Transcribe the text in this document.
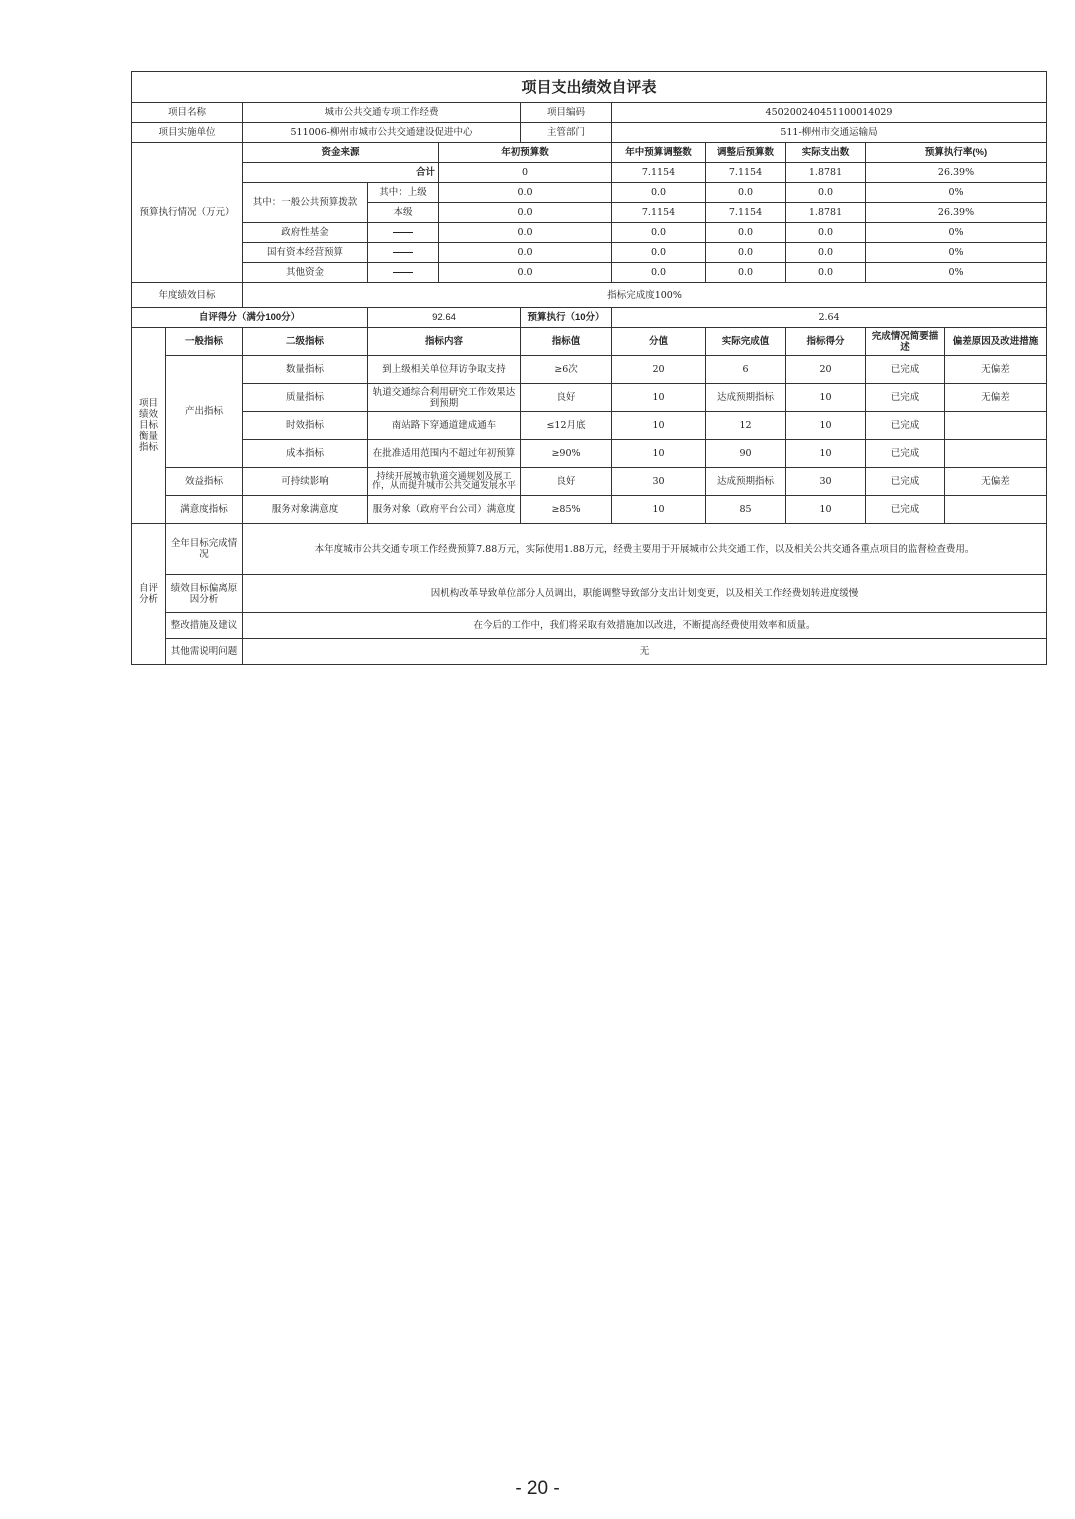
项目支出绩效自评表										
项目名称		城市公共交通专项工作经费			项目编码	450200240451100014029				
项目实施单位		511006-柳州市城市公共交通建设促进中心			主管部门	511-柳州市交通运输局				
预算执行情况（万元）		资金来源		年初预算数		年中预算调整数	调整后预算数	实际支出数	预算执行率(%)	
		合计		0		7.1154	7.1154	1.8781	26.39%	
		其中：一般公共预算拨款	其中：上级	0.0		0.0	0.0	0.0	0%	
			本级	0.0		7.1154	7.1154	1.8781	26.39%	
		政府性基金		0.0		0.0	0.0	0.0	0%	
		国有资本经营预算		0.0		0.0	0.0	0.0	0%	
		其他资金		0.0		0.0	0.0	0.0	0%	
年度绩效目标		指标完成度100%								
自评得分（满分100分）			92.64		预算执行（10分）	2.64				
项目绩效目标衡量指标	一般指标	二级指标	指标内容		指标值	分值	实际完成值	指标得分	完成情况简要描述	偏差原因及改进措施
	产出指标	数量指标	到上级相关单位拜访争取支持		≥6次	20	6	20	已完成	无偏差
		质量指标	轨道交通综合利用研究工作效果达到预期		良好	10	达成预期指标	10	已完成	无偏差
		时效指标	南站路下穿通道建成通车		≤12月底	10	12	10	已完成	
		成本指标	在批准适用范围内不超过年初预算		≥90%	10	90	10	已完成	
	效益指标	可持续影响	持续开展城市轨道交通规划及展工作，从而提升城市公共交通发展水平		良好	30	达成预期指标	30	已完成	无偏差
	满意度指标	服务对象满意度	服务对象（政府平台公司）满意度		≥85%	10	85	10	已完成	
自评分析	全年目标完成情况	本年度城市公共交通专项工作经费预算7.88万元，实际使用1.88万元，经费主要用于开展城市公共交通工作，以及相关公共交通各重点项目的监督检查费用。								
	绩效目标偏离原因分析	因机构改革导致单位部分人员调出，职能调整导致部分支出计划变更，以及相关工作经费划转进度缓慢								
	整改措施及建议	在今后的工作中，我们将采取有效措施加以改进，不断提高经费使用效率和质量。								
	其他需说明问题	无								
- 20 -
